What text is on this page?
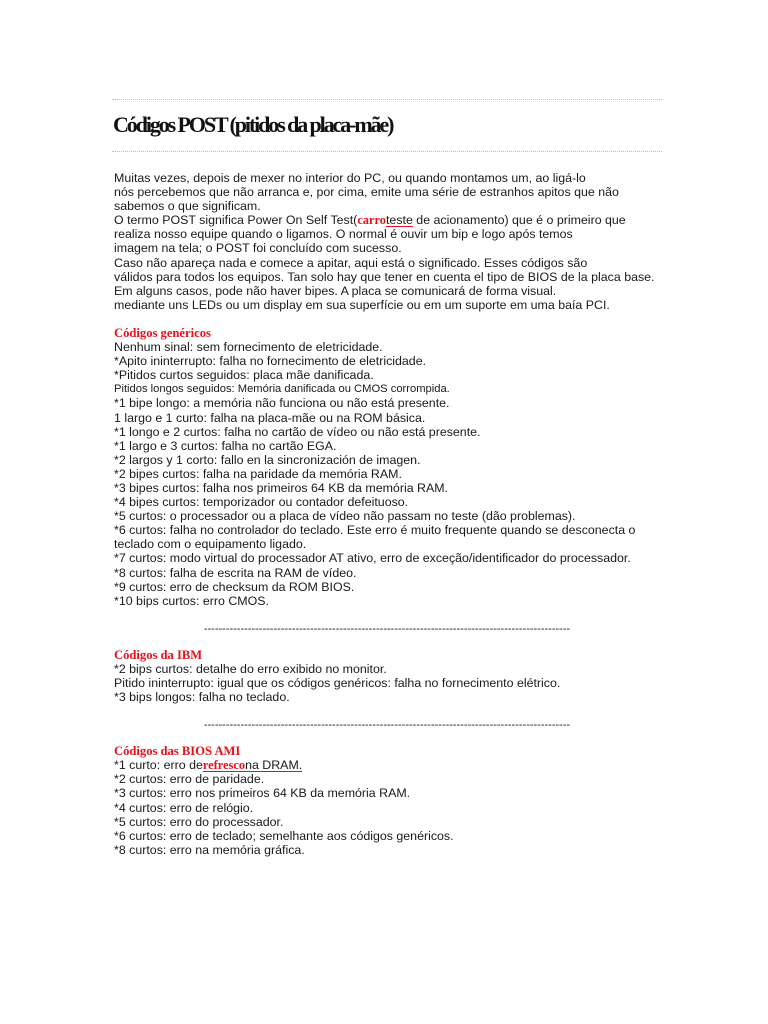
Códigos POST (pitidos da placa-mãe)
Muitas vezes, depois de mexer no interior do PC, ou quando montamos um, ao ligá-lo
nós percebemos que não arranca e, por cima, emite uma série de estranhos apitos que não
sabemos o que significam.
O termo POST significa Power On Self Test(carroteste de acionamento) que é o primeiro que
realiza nosso equipe quando o ligamos. O normal é ouvir um bip e logo após temos
imagem na tela; o POST foi concluído com sucesso.
Caso não apareça nada e comece a apitar, aqui está o significado. Esses códigos são
válidos para todos los equipos. Tan solo hay que tener en cuenta el tipo de BIOS de la placa base.
Em alguns casos, pode não haver bipes. A placa se comunicará de forma visual.
mediante uns LEDs ou um display em sua superfície ou em um suporte em uma baía PCI.
Códigos genéricos
Nenhum sinal: sem fornecimento de eletricidade.
*Apito ininterrupto: falha no fornecimento de eletricidade.
*Pitidos curtos seguidos: placa mãe danificada.
Pitidos longos seguidos: Memória danificada ou CMOS corrompida.
*1 bipe longo: a memória não funciona ou não está presente.
1 largo e 1 curto: falha na placa-mãe ou na ROM básica.
*1 longo e 2 curtos: falha no cartão de vídeo ou não está presente.
*1 largo e 3 curtos: falha no cartão EGA.
*2 largos y 1 corto: fallo en la sincronización de imagen.
*2 bipes curtos: falha na paridade da memória RAM.
*3 bipes curtos: falha nos primeiros 64 KB da memória RAM.
*4 bipes curtos: temporizador ou contador defeituoso.
*5 curtos: o processador ou a placa de vídeo não passam no teste (dão problemas).
*6 curtos: falha no controlador do teclado. Este erro é muito frequente quando se desconecta o
teclado com o equipamento ligado.
*7 curtos: modo virtual do processador AT ativo, erro de exceção/identificador do processador.
*8 curtos: falha de escrita na RAM de vídeo.
*9 curtos: erro de checksum da ROM BIOS.
*10 bips curtos: erro CMOS.
----------------------------------------------------------------------------------------------------
Códigos da IBM
*2 bips curtos: detalhe do erro exibido no monitor.
Pitido ininterrupto: igual que os códigos genéricos: falha no fornecimento elétrico.
*3 bips longos: falha no teclado.
----------------------------------------------------------------------------------------------------
Códigos das BIOS AMI
*1 curto: erro derefrescona DRAM.
*2 curtos: erro de paridade.
*3 curtos: erro nos primeiros 64 KB da memória RAM.
*4 curtos: erro de relógio.
*5 curtos: erro do processador.
*6 curtos: erro de teclado; semelhante aos códigos genéricos.
*8 curtos: erro na memória gráfica.
